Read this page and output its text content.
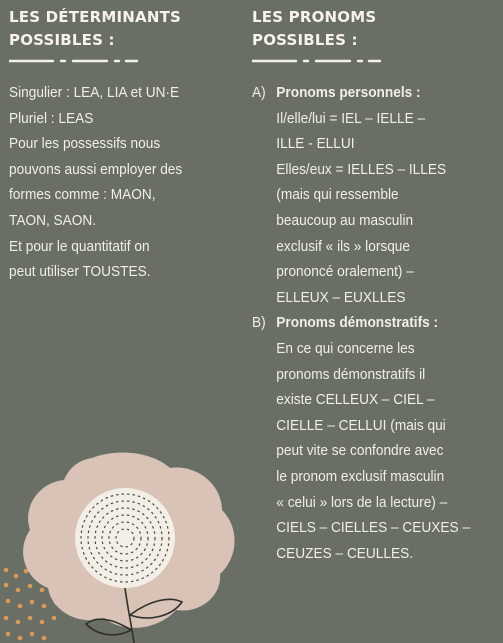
LES DÉTERMINANTS
POSSIBLES :
LES PRONOMS
POSSIBLES :

Singulier : LEA, LIA et UN·E

Pluriel : LEAS

Pour les possessifs nous

pouvons aussi employer des

formes comme : MAON,

TAON, SAON.

Et pour le quantitatif on

peut utiliser TOUSTES.

A) Pronoms personnels :

Il/elle/lui = IEL – IELLE –

ILLE - ELLUI

Elles/eux = IELLES – ILLES

(mais qui ressemble

beaucoup au masculin

exclusif « ils » lorsque

prononcé oralement) –

ELLEUX – EUXLLES

B) Pronoms démonstratifs :

En ce qui concerne les

pronoms démonstratifs il

existe CELLEUX – CIEL –

CIELLE – CELLUI (mais qui

peut vite se confondre avec

le pronom exclusif masculin

« celui » lors de la lecture) –

CIELS – CIELLES – CEUXES –

CEUZES – CEULLES.
